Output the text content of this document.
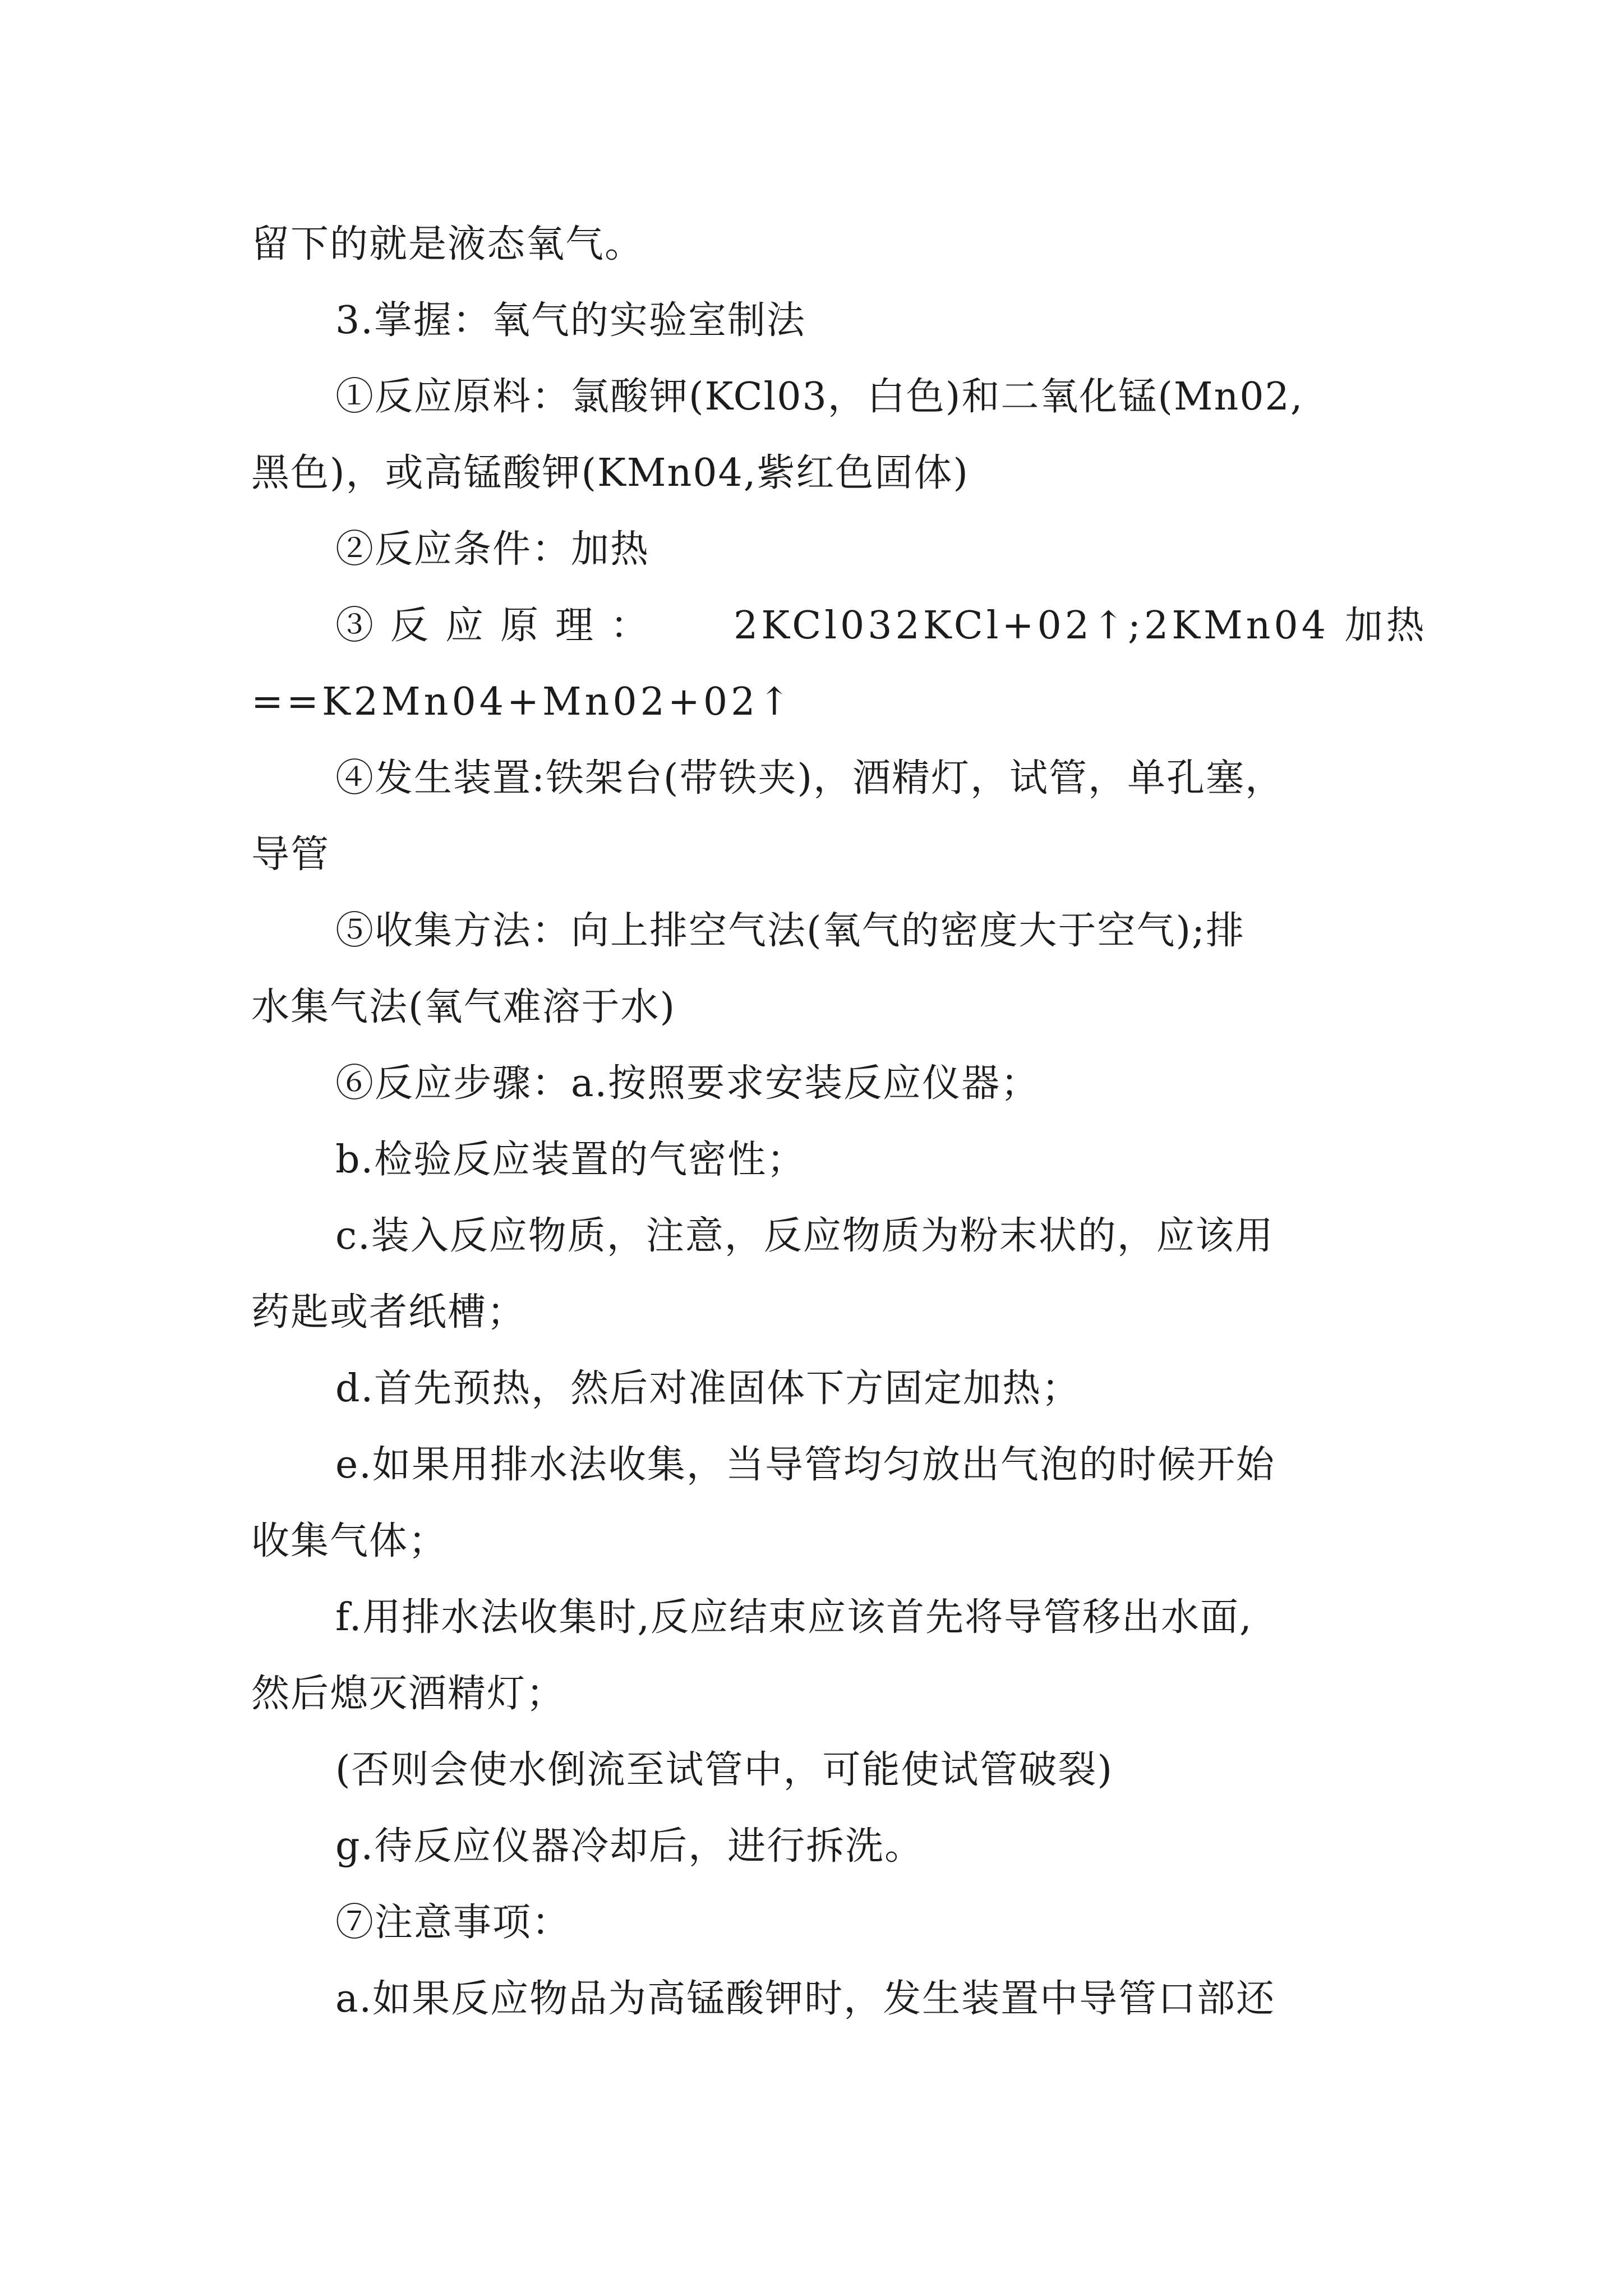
留下的就是液态氧气。
3.掌握：氧气的实验室制法
①反应原料：氯酸钾(KCl03，白色)和二氧化锰(Mn02,
黑色)，或高锰酸钾(KMn04,紫红色固体)
②反应条件：加热
③反应原理： 2KCl032KCl+02↑;2KMn04 加热
==K2Mn04+Mn02+02↑
④发生装置:铁架台(带铁夹)，酒精灯，试管，单孔塞，
导管
⑤收集方法：向上排空气法(氧气的密度大于空气);排
水集气法(氧气难溶于水)
⑥反应步骤：a.按照要求安装反应仪器；
b.检验反应装置的气密性；
c.装入反应物质，注意，反应物质为粉末状的，应该用
药匙或者纸槽；
d.首先预热，然后对准固体下方固定加热；
e.如果用排水法收集，当导管均匀放出气泡的时候开始
收集气体；
f.用排水法收集时,反应结束应该首先将导管移出水面,
然后熄灭酒精灯；
(否则会使水倒流至试管中，可能使试管破裂)
g.待反应仪器冷却后，进行拆洗。
⑦注意事项：
a.如果反应物品为高锰酸钾时，发生装置中导管口部还
